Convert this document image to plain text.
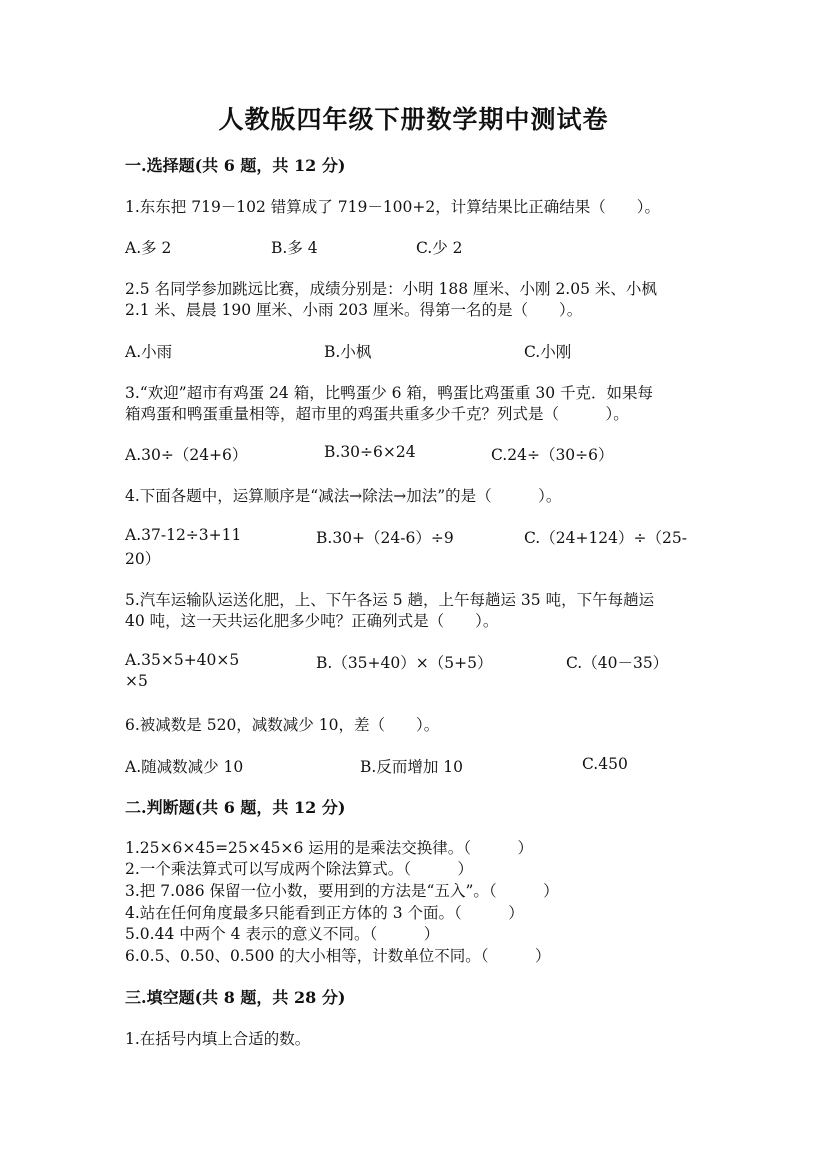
人教版四年级下册数学期中测试卷
一.选择题(共 6 题，共 12 分)
1.东东把 719－102 错算成了 719－100+2，计算结果比正确结果（　　）。
A.多 2	B.多 4	C.少 2
2.5 名同学参加跳远比赛，成绩分别是：小明 188 厘米、小刚 2.05 米、小枫
2.1 米、晨晨 190 厘米、小雨 203 厘米。得第一名的是（　　）。
A.小雨	B.小枫	C.小刚
3.“欢迎”超市有鸡蛋 24 箱，比鸭蛋少 6 箱，鸭蛋比鸡蛋重 30 千克．如果每
箱鸡蛋和鸭蛋重量相等，超市里的鸡蛋共重多少千克？列式是（　　　）。
A.30÷（24+6）	B.30÷6×24	C.24÷（30÷6）
4.下面各题中，运算顺序是“减法→除法→加法”的是（　　　）。
A.37-12÷3+11	B.30+（24-6）÷9	C.（24+124）÷（25-
20）
5.汽车运输队运送化肥，上、下午各运 5 趟，上午每趟运 35 吨，下午每趟运
40 吨，这一天共运化肥多少吨？正确列式是（　　）。
A.35×5+40×5	B.（35+40）×（5+5）	C.（40－35）
×5
6.被减数是 520，减数减少 10，差（　　）。
A.随减数减少 10	B.反而增加 10	C.450
二.判断题(共 6 题，共 12 分)
1.25×6×45=25×45×6 运用的是乘法交换律。（　　　）
2.一个乘法算式可以写成两个除法算式。（　　　）
3.把 7.086 保留一位小数，要用到的方法是“五入”。（　　　）
4.站在任何角度最多只能看到正方体的 3 个面。（　　　）
5.0.44 中两个 4 表示的意义不同。（　　　）
6.0.5、0.50、0.500 的大小相等，计数单位不同。（　　　）
三.填空题(共 8 题，共 28 分)
1.在括号内填上合适的数。
